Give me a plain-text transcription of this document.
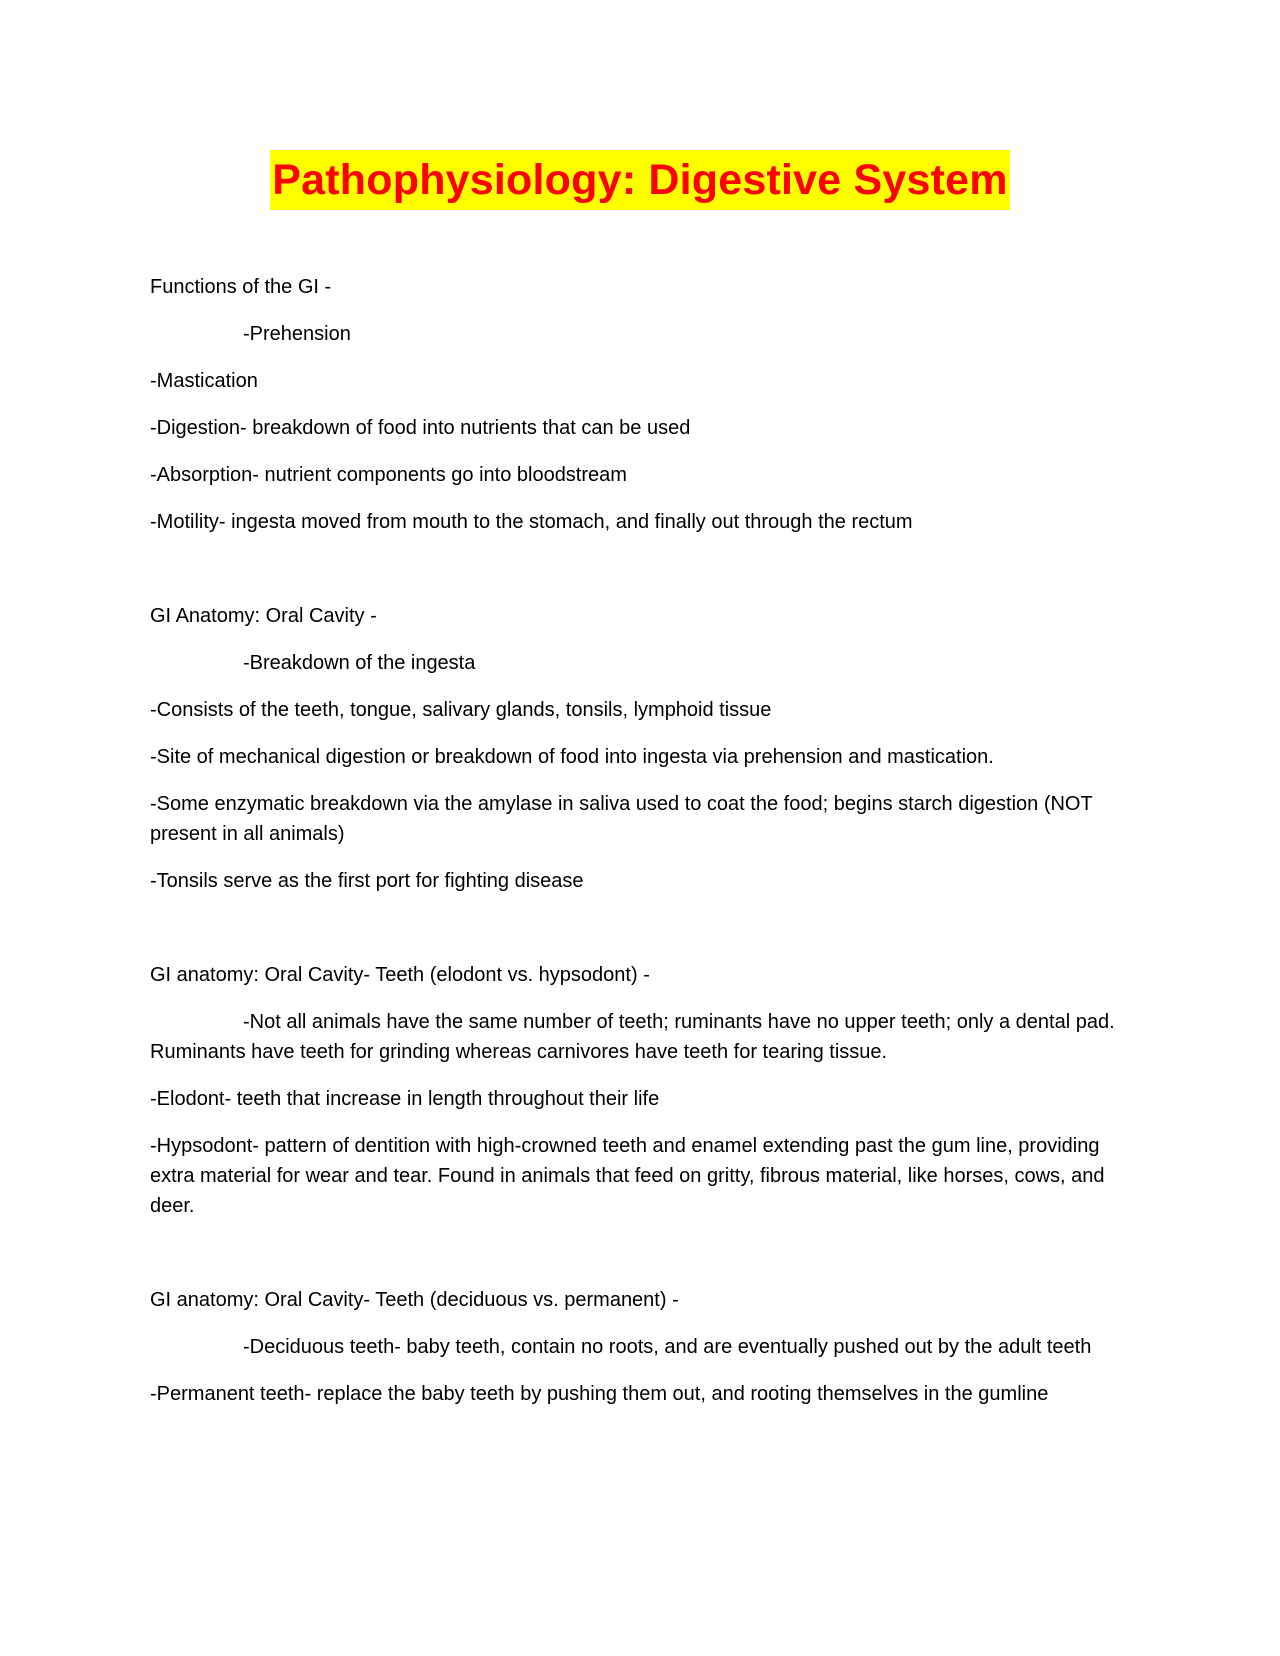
Pathophysiology: Digestive System

Functions of the GI -

-Prehension

-Mastication

-Digestion- breakdown of food into nutrients that can be used

-Absorption- nutrient components go into bloodstream

-Motility- ingesta moved from mouth to the stomach, and finally out through the rectum

GI Anatomy: Oral Cavity -

-Breakdown of the ingesta

-Consists of the teeth, tongue, salivary glands, tonsils, lymphoid tissue

-Site of mechanical digestion or breakdown of food into ingesta via prehension and mastication.

-Some enzymatic breakdown via the amylase in saliva used to coat the food; begins starch digestion (NOT present in all animals)

-Tonsils serve as the first port for fighting disease

GI anatomy: Oral Cavity- Teeth (elodont vs. hypsodont) -

-Not all animals have the same number of teeth; ruminants have no upper teeth; only a dental pad. Ruminants have teeth for grinding whereas carnivores have teeth for tearing tissue.

-Elodont- teeth that increase in length throughout their life

-Hypsodont- pattern of dentition with high-crowned teeth and enamel extending past the gum line, providing extra material for wear and tear. Found in animals that feed on gritty, fibrous material, like horses, cows, and deer.

GI anatomy: Oral Cavity- Teeth (deciduous vs. permanent) -

-Deciduous teeth- baby teeth, contain no roots, and are eventually pushed out by the adult teeth

-Permanent teeth- replace the baby teeth by pushing them out, and rooting themselves in the gumline
